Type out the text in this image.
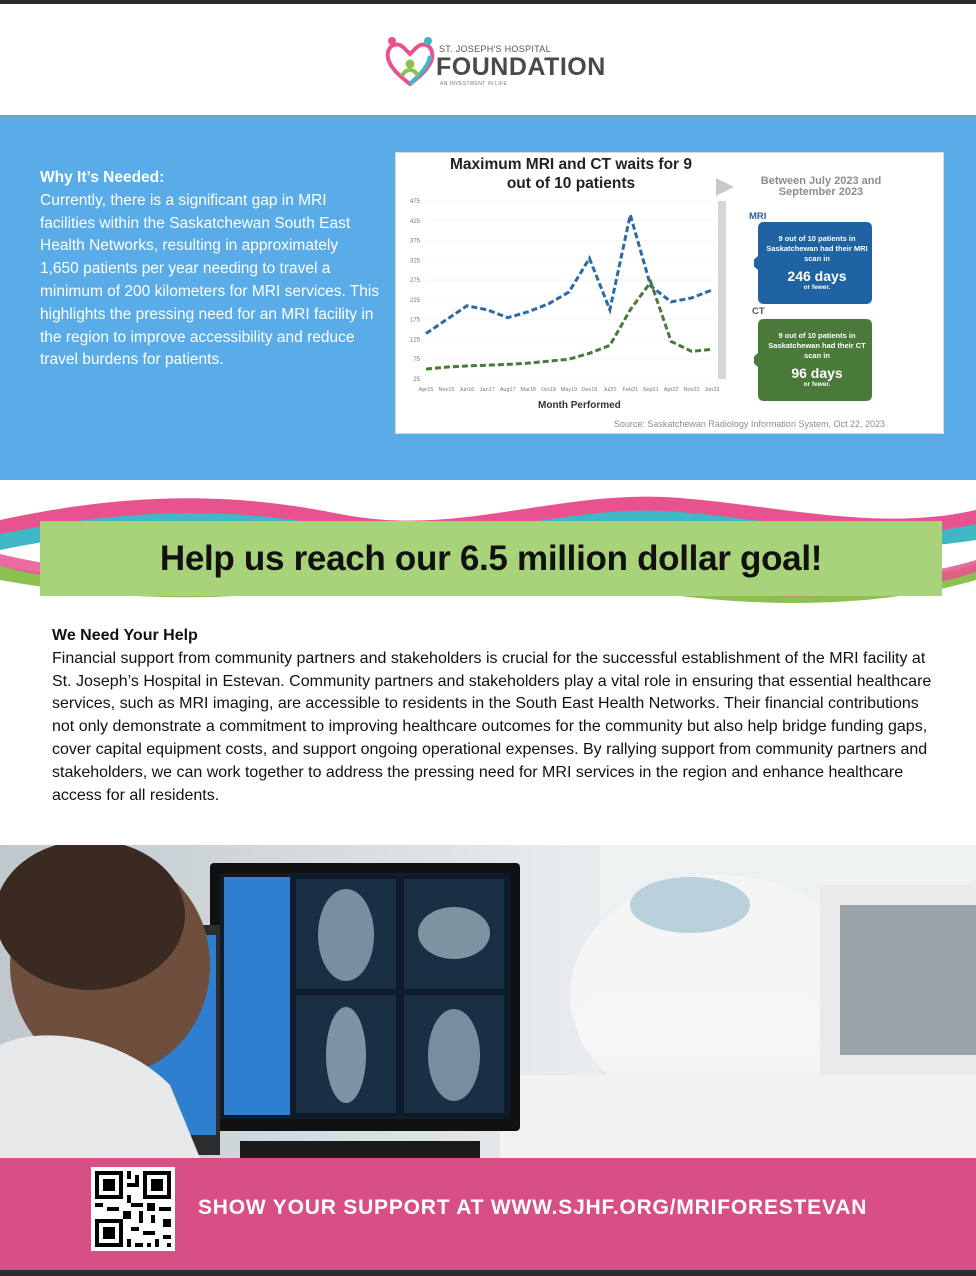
ST. JOSEPH'S HOSPITAL
FOUNDATION
AN INVESTMENT IN LIFE
Why It’s Needed:
Currently, there is a significant gap in MRI facilities within the Saskatchewan South East Health Networks, resulting in approximately 1,650 patients per year needing to travel a minimum of 200 kilometers for MRI services. This highlights the pressing need for an MRI facility in the region to improve accessibility and reduce travel burdens for patients.
Maximum MRI and CT waits for 9 out of 10 patients	Between July 2023 and September 2023
475
425
375
325
275
225
175
125
75
25
Apr15 Nov15 Jun16 Jan17 Aug17 Mar18 Oct18 May19 Dec19 Jul20 Feb21 Sep21 Apr22 Nov22 Jun23
Month Performed
MRI
9 out of 10 patients in Saskatchewan had their MRI scan in
246 days
or fewer.
CT
9 out of 10 patients in Saskatchewan had their CT scan in
96 days
or fewer.
Source: Saskatchewan Radiology Information System, Oct 22, 2023
Help us reach our 6.5 million dollar goal!
We Need Your Help
Financial support from community partners and stakeholders is crucial for the successful establishment of the MRI facility at St. Joseph’s Hospital in Estevan. Community partners and stakeholders play a vital role in ensuring that essential healthcare services, such as MRI imaging, are accessible to residents in the South East Health Networks. Their financial contributions not only demonstrate a commitment to improving healthcare outcomes for the community but also help bridge funding gaps, cover capital equipment costs, and support ongoing operational expenses. By rallying support from community partners and stakeholders, we can work together to address the pressing need for MRI services in the region and enhance healthcare access for all residents.
SHOW YOUR SUPPORT AT WWW.SJHF.ORG/MRIFORESTEVAN
